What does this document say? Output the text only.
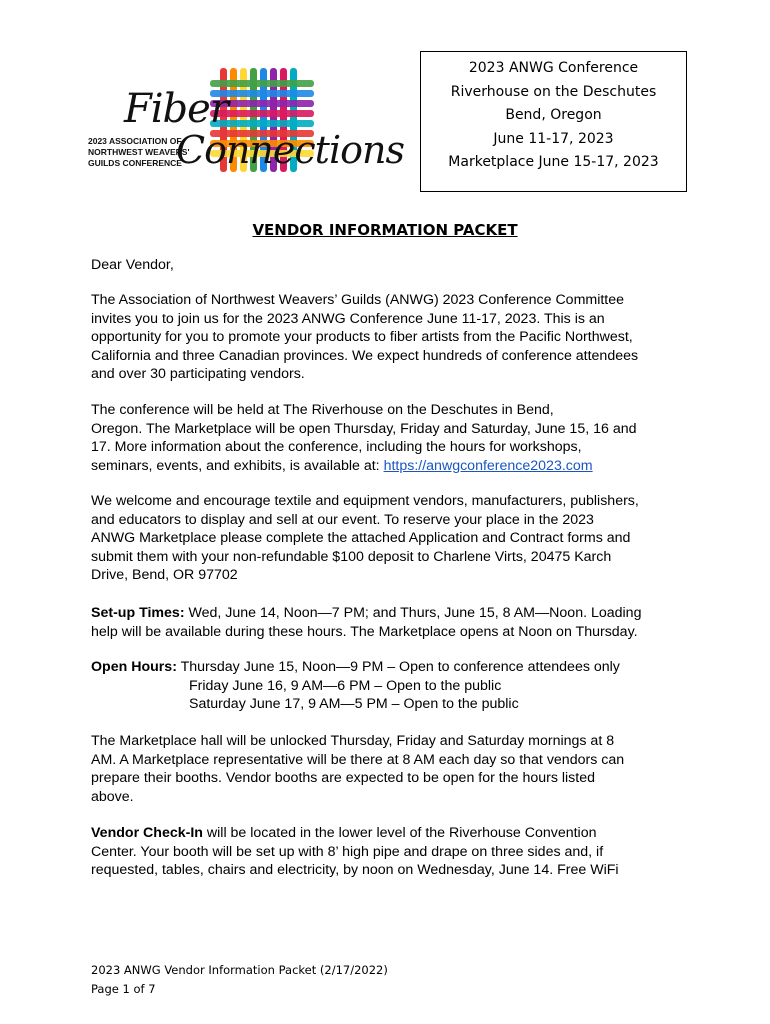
Fiber
Connections
2023 ASSOCIATION OF
NORTHWEST WEAVERS'
GUILDS CONFERENCE
2023 ANWG Conference
Riverhouse on the Deschutes
Bend, Oregon
June 11-17, 2023
Marketplace June 15-17, 2023
VENDOR INFORMATION PACKET
Dear Vendor,
The Association of Northwest Weavers’ Guilds (ANWG) 2023 Conference Committee
invites you to join us for the 2023 ANWG Conference June 11-17, 2023. This is an
opportunity for you to promote your products to fiber artists from the Pacific Northwest,
California and three Canadian provinces. We expect hundreds of conference attendees
and over 30 participating vendors.
The conference will be held at The Riverhouse on the Deschutes in Bend,
Oregon. The Marketplace will be open Thursday, Friday and Saturday, June 15, 16 and
17. More information about the conference, including the hours for workshops,
seminars, events, and exhibits, is available at: https://anwgconference2023.com
We welcome and encourage textile and equipment vendors, manufacturers, publishers,
and educators to display and sell at our event. To reserve your place in the 2023
ANWG Marketplace please complete the attached Application and Contract forms and
submit them with your non-refundable $100 deposit to Charlene Virts, 20475 Karch
Drive, Bend, OR 97702
Set-up Times: Wed, June 14, Noon—7 PM; and Thurs, June 15, 8 AM—Noon. Loading
help will be available during these hours. The Marketplace opens at Noon on Thursday.
Open Hours: Thursday June 15, Noon—9 PM – Open to conference attendees only
Friday June 16, 9 AM—6 PM – Open to the public
Saturday June 17, 9 AM—5 PM – Open to the public
The Marketplace hall will be unlocked Thursday, Friday and Saturday mornings at 8
AM. A Marketplace representative will be there at 8 AM each day so that vendors can
prepare their booths. Vendor booths are expected to be open for the hours listed
above.
Vendor Check-In will be located in the lower level of the Riverhouse Convention
Center. Your booth will be set up with 8’ high pipe and drape on three sides and, if
requested, tables, chairs and electricity, by noon on Wednesday, June 14. Free WiFi
2023 ANWG Vendor Information Packet (2/17/2022)
Page 1 of 7
